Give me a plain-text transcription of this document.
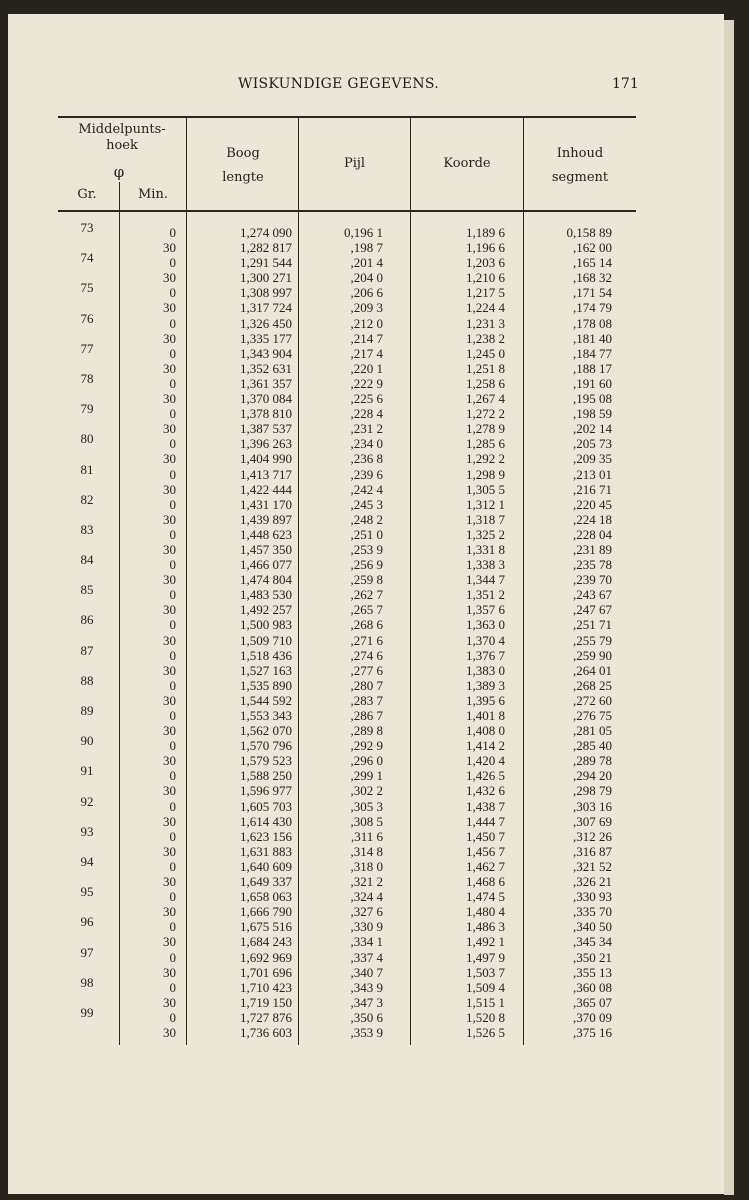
WISKUNDIGE GEGEVENS.	171
Middelpunts-
hoek
φ
Gr.	Min.
Boog
lengte
Pijl	Koorde
Inhoud
segment
73	0	1,274 090	0,196 1	1,189 6	0,158 89
	30	1,282 817	,198 7	1,196 6	,162 00
74	0	1,291 544	,201 4	1,203 6	,165 14
	30	1,300 271	,204 0	1,210 6	,168 32
75	0	1,308 997	,206 6	1,217 5	,171 54
	30	1,317 724	,209 3	1,224 4	,174 79
76	0	1,326 450	,212 0	1,231 3	,178 08
	30	1,335 177	,214 7	1,238 2	,181 40
77	0	1,343 904	,217 4	1,245 0	,184 77
	30	1,352 631	,220 1	1,251 8	,188 17
78	0	1,361 357	,222 9	1,258 6	,191 60
	30	1,370 084	,225 6	1,267 4	,195 08
79	0	1,378 810	,228 4	1,272 2	,198 59
	30	1,387 537	,231 2	1,278 9	,202 14
80	0	1,396 263	,234 0	1,285 6	,205 73
	30	1,404 990	,236 8	1,292 2	,209 35
81	0	1,413 717	,239 6	1,298 9	,213 01
	30	1,422 444	,242 4	1,305 5	,216 71
82	0	1,431 170	,245 3	1,312 1	,220 45
	30	1,439 897	,248 2	1,318 7	,224 18
83	0	1,448 623	,251 0	1,325 2	,228 04
	30	1,457 350	,253 9	1,331 8	,231 89
84	0	1,466 077	,256 9	1,338 3	,235 78
	30	1,474 804	,259 8	1,344 7	,239 70
85	0	1,483 530	,262 7	1,351 2	,243 67
	30	1,492 257	,265 7	1,357 6	,247 67
86	0	1,500 983	,268 6	1,363 0	,251 71
	30	1,509 710	,271 6	1,370 4	,255 79
87	0	1,518 436	,274 6	1,376 7	,259 90
	30	1,527 163	,277 6	1,383 0	,264 01
88	0	1,535 890	,280 7	1,389 3	,268 25
	30	1,544 592	,283 7	1,395 6	,272 60
89	0	1,553 343	,286 7	1,401 8	,276 75
	30	1,562 070	,289 8	1,408 0	,281 05
90	0	1,570 796	,292 9	1,414 2	,285 40
	30	1,579 523	,296 0	1,420 4	,289 78
91	0	1,588 250	,299 1	1,426 5	,294 20
	30	1,596 977	,302 2	1,432 6	,298 79
92	0	1,605 703	,305 3	1,438 7	,303 16
	30	1,614 430	,308 5	1,444 7	,307 69
93	0	1,623 156	,311 6	1,450 7	,312 26
	30	1,631 883	,314 8	1,456 7	,316 87
94	0	1,640 609	,318 0	1,462 7	,321 52
	30	1,649 337	,321 2	1,468 6	,326 21
95	0	1,658 063	,324 4	1,474 5	,330 93
	30	1,666 790	,327 6	1,480 4	,335 70
96	0	1,675 516	,330 9	1,486 3	,340 50
	30	1,684 243	,334 1	1,492 1	,345 34
97	0	1,692 969	,337 4	1,497 9	,350 21
	30	1,701 696	,340 7	1,503 7	,355 13
98	0	1,710 423	,343 9	1,509 4	,360 08
	30	1,719 150	,347 3	1,515 1	,365 07
99	0	1,727 876	,350 6	1,520 8	,370 09
	30	1,736 603	,353 9	1,526 5	,375 16
